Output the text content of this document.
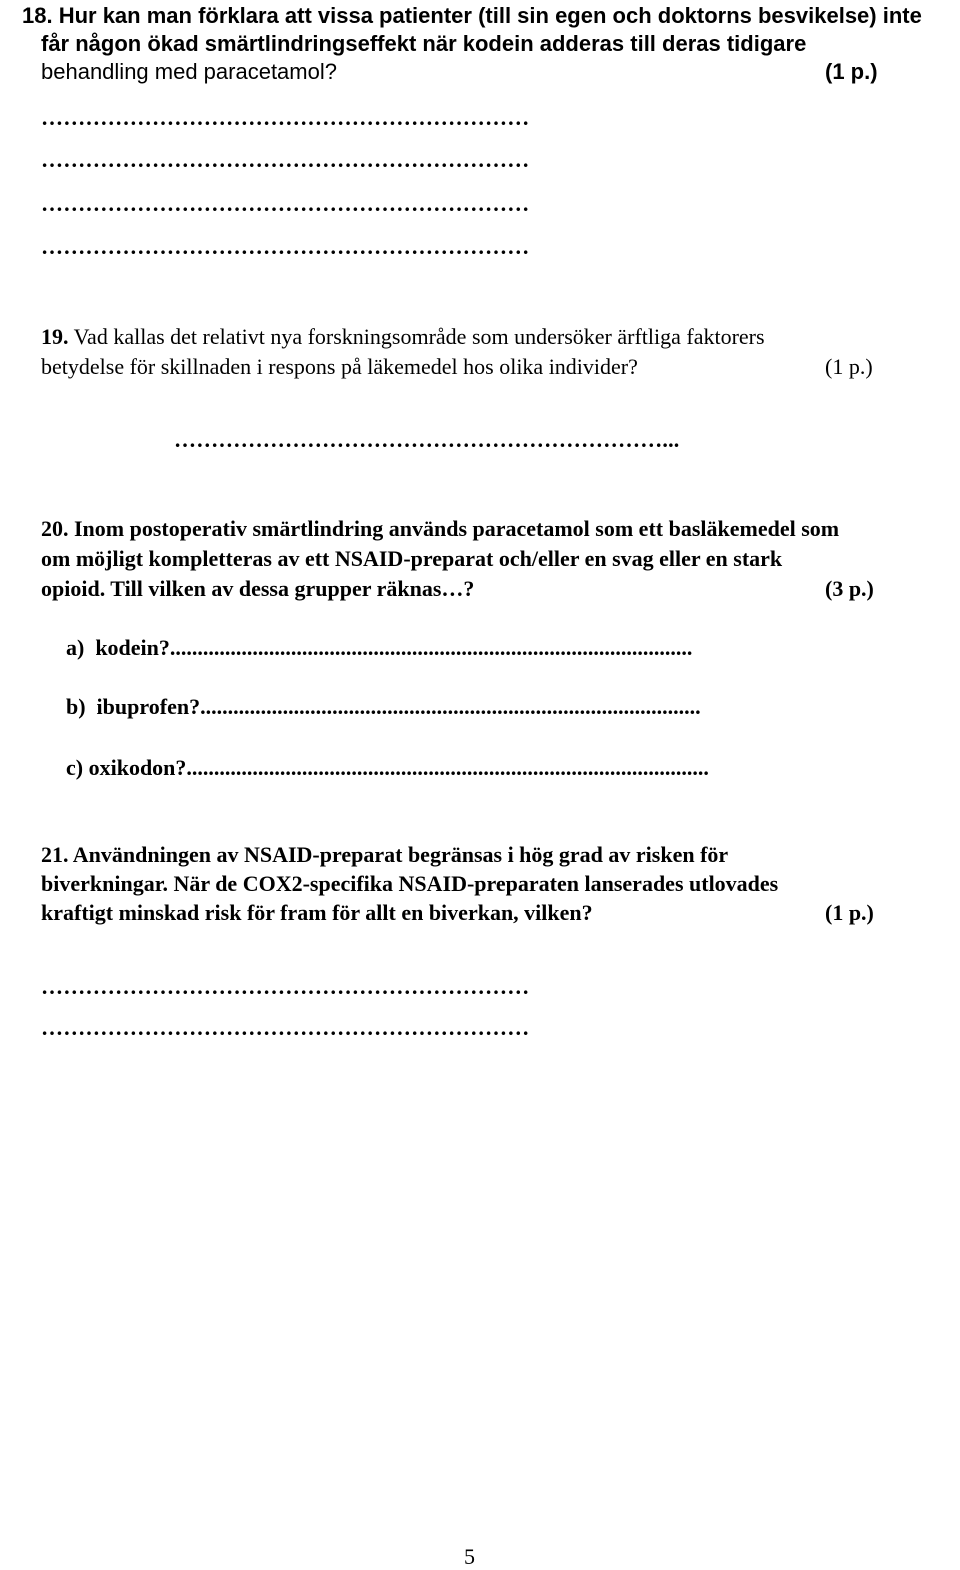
18. Hur kan man förklara att vissa patienter (till sin egen och doktorns besvikelse) inte
får någon ökad smärtlindringseffekt när kodein adderas till deras tidigare
behandling med paracetamol?	(1 p.)
…………………………………………………………
…………………………………………………………
…………………………………………………………
…………………………………………………………
19. Vad kallas det relativt nya forskningsområde som undersöker ärftliga faktorers
betydelse för skillnaden i respons på läkemedel hos olika individer?	(1 p.)
…………………………………………………………...
20. Inom postoperativ smärtlindring används paracetamol som ett basläkemedel som
om möjligt kompletteras av ett NSAID-preparat och/eller en svag eller en stark
opioid. Till vilken av dessa grupper räknas…?	(3 p.)
a)  kodein?...............................................................................................
b)  ibuprofen?...........................................................................................
c) oxikodon?...............................................................................................
21. Användningen av NSAID-preparat begränsas i hög grad av risken för
biverkningar. När de COX2-specifika NSAID-preparaten lanserades utlovades
kraftigt minskad risk för fram för allt en biverkan, vilken?	(1 p.)
…………………………………………………………
…………………………………………………………
5
